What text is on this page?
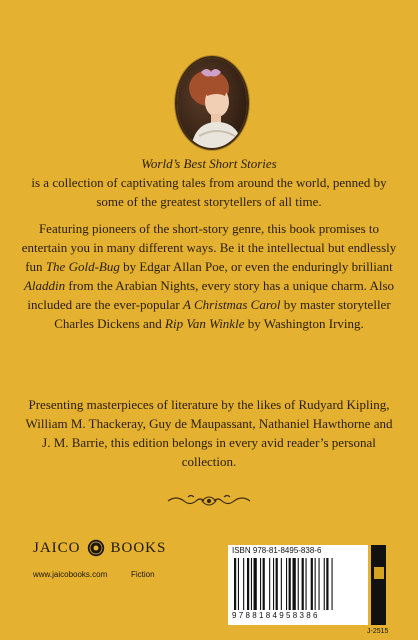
World’s Best Short Stories
is a collection of captivating tales from around the world, penned by some of the greatest storytellers of all time.

Featuring pioneers of the short-story genre, this book promises to entertain you in many different ways. Be it the intellectual but endlessly fun The Gold-Bug by Edgar Allan Poe, or even the enduringly brilliant Aladdin from the Arabian Nights, every story has a unique charm. Also included are the ever-popular A Christmas Carol by master storyteller Charles Dickens and Rip Van Winkle by Washington Irving.

Presenting masterpieces of literature by the likes of Rudyard Kipling, William M. Thackeray, Guy de Maupassant, Nathaniel Hawthorne and J. M. Barrie, this edition belongs in every avid reader’s personal collection.

JAICO BOOKS
www.jaicobooks.com	Fiction
ISBN 978-81-8495-838-6
9788184958386
J-2515
